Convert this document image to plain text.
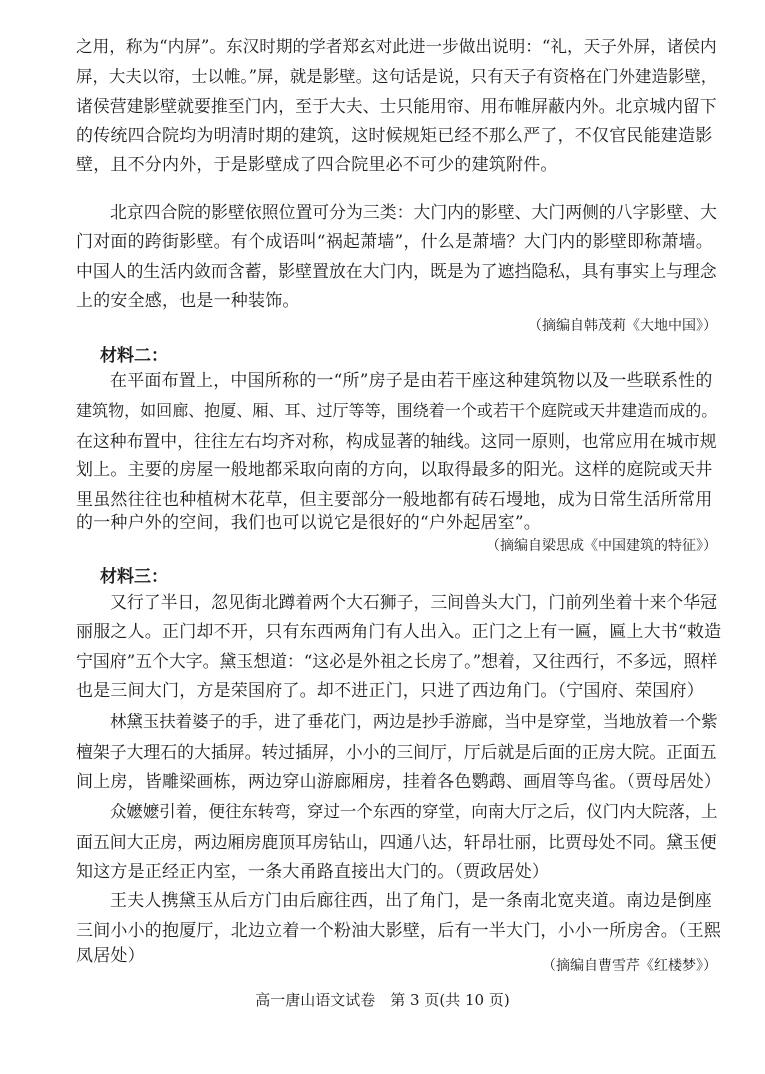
之用，称为“内屏”。东汉时期的学者郑玄对此进一步做出说明：“礼，天子外屏，诸侯内
屏，大夫以帘，士以帷。”屏，就是影壁。这句话是说，只有天子有资格在门外建造影壁，
诸侯营建影壁就要推至门内，至于大夫、士只能用帘、用布帷屏蔽内外。北京城内留下
的传统四合院均为明清时期的建筑，这时候规矩已经不那么严了，不仅官民能建造影
壁，且不分内外，于是影壁成了四合院里必不可少的建筑附件。
北京四合院的影壁依照位置可分为三类：大门内的影壁、大门两侧的八字影壁、大
门对面的跨街影壁。有个成语叫“祸起萧墙”，什么是萧墙？大门内的影壁即称萧墙。
中国人的生活内敛而含蓄，影壁置放在大门内，既是为了遮挡隐私，具有事实上与理念
上的安全感，也是一种装饰。
（摘编自韩茂莉《大地中国》）
材料二：
在平面布置上，中国所称的一“所”房子是由若干座这种建筑物以及一些联系性的
建筑物，如回廊、抱厦、厢、耳、过厅等等，围绕着一个或若干个庭院或天井建造而成的。
在这种布置中，往往左右均齐对称，构成显著的轴线。这同一原则，也常应用在城市规
划上。主要的房屋一般地都采取向南的方向，以取得最多的阳光。这样的庭院或天井
里虽然往往也种植树木花草，但主要部分一般地都有砖石墁地，成为日常生活所常用
的一种户外的空间，我们也可以说它是很好的“户外起居室”。
（摘编自梁思成《中国建筑的特征》）
材料三：
又行了半日，忽见街北蹲着两个大石狮子，三间兽头大门，门前列坐着十来个华冠
丽服之人。正门却不开，只有东西两角门有人出入。正门之上有一匾，匾上大书“敕造
宁国府”五个大字。黛玉想道：“这必是外祖之长房了。”想着，又往西行，不多远，照样
也是三间大门，方是荣国府了。却不进正门，只进了西边角门。（宁国府、荣国府）
林黛玉扶着婆子的手，进了垂花门，两边是抄手游廊，当中是穿堂，当地放着一个紫
檀架子大理石的大插屏。转过插屏，小小的三间厅，厅后就是后面的正房大院。正面五
间上房，皆雕梁画栋，两边穿山游廊厢房，挂着各色鹦鹉、画眉等鸟雀。（贾母居处）
众嬷嬷引着，便往东转弯，穿过一个东西的穿堂，向南大厅之后，仪门内大院落，上
面五间大正房，两边厢房鹿顶耳房钻山，四通八达，轩昂壮丽，比贾母处不同。黛玉便
知这方是正经正内室，一条大甬路直接出大门的。（贾政居处）
王夫人携黛玉从后方门由后廊往西，出了角门，是一条南北宽夹道。南边是倒座
三间小小的抱厦厅，北边立着一个粉油大影壁，后有一半大门，小小一所房舍。（王熙
凤居处）	（摘编自曹雪芹《红楼梦》）
高一唐山语文试卷　第 3 页(共 10 页)
